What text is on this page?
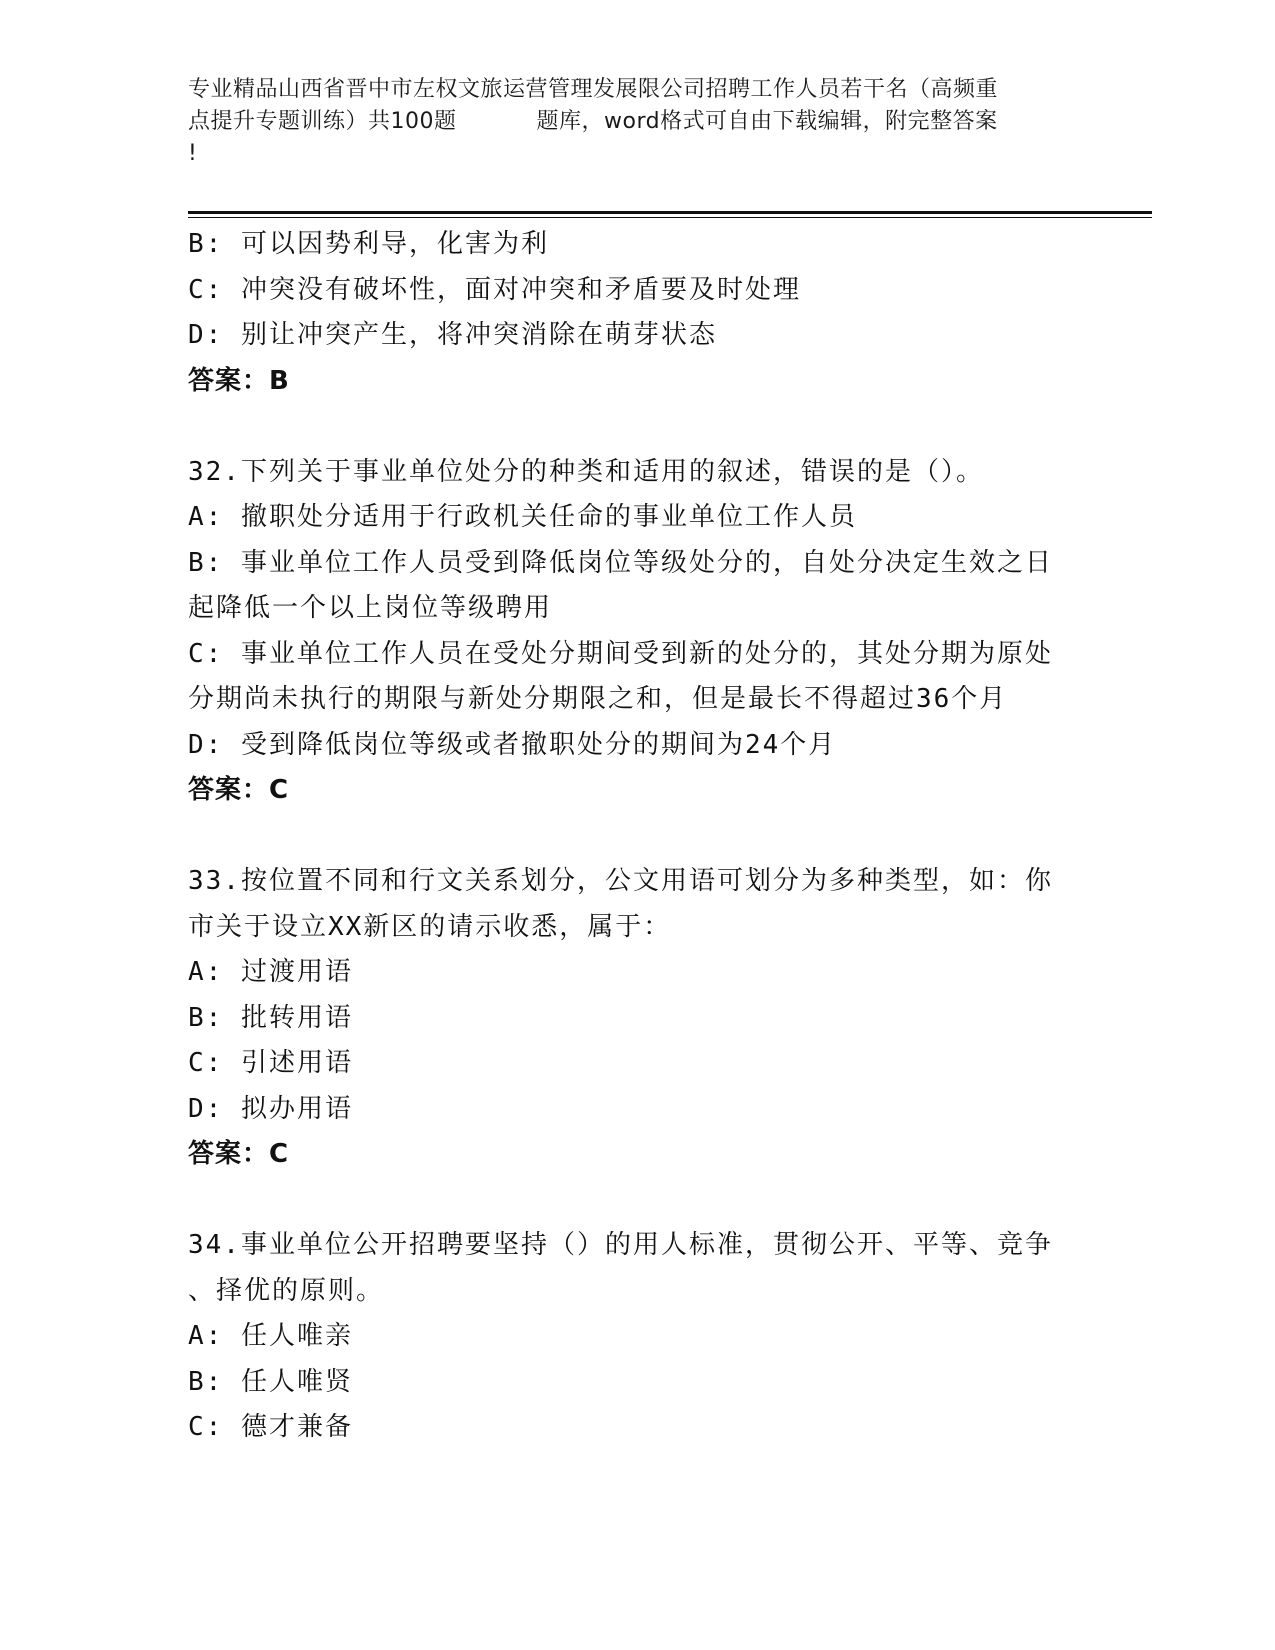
专业精品山西省晋中市左权文旅运营管理发展限公司招聘工作人员若干名（高频重
点提升专题训练）共100题	题库，word格式可自由下载编辑，附完整答案
!
B: 可以因势利导，化害为利
C: 冲突没有破坏性，面对冲突和矛盾要及时处理
D: 别让冲突产生，将冲突消除在萌芽状态
答案：B
32.下列关于事业单位处分的种类和适用的叙述，错误的是（）。
A: 撤职处分适用于行政机关任命的事业单位工作人员
B: 事业单位工作人员受到降低岗位等级处分的，自处分决定生效之日
起降低一个以上岗位等级聘用
C: 事业单位工作人员在受处分期间受到新的处分的，其处分期为原处
分期尚未执行的期限与新处分期限之和，但是最长不得超过36个月
D: 受到降低岗位等级或者撤职处分的期间为24个月
答案：C
33.按位置不同和行文关系划分，公文用语可划分为多种类型，如：你
市关于设立XX新区的请示收悉，属于：
A: 过渡用语
B: 批转用语
C: 引述用语
D: 拟办用语
答案：C
34.事业单位公开招聘要坚持（）的用人标准，贯彻公开、平等、竞争
、择优的原则。
A: 任人唯亲
B: 任人唯贤
C: 德才兼备
